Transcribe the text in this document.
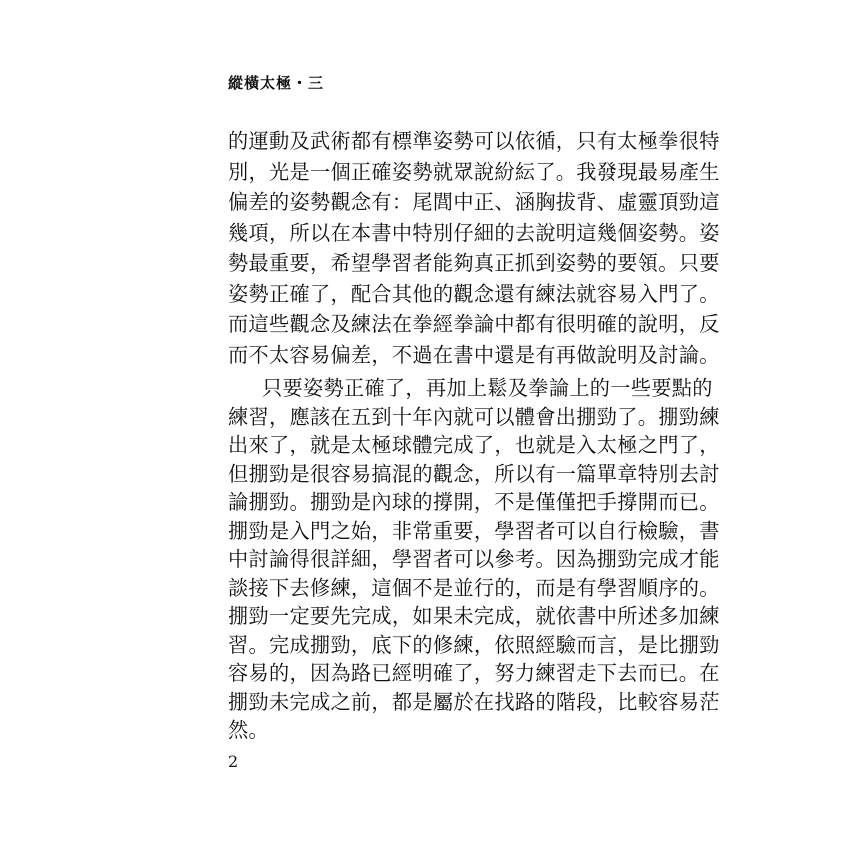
縱橫太極・三
的運動及武術都有標準姿勢可以依循，只有太極拳很特
別，光是一個正確姿勢就眾說紛紜了。我發現最易產生
偏差的姿勢觀念有：尾閭中正、涵胸拔背、虛靈頂勁這
幾項，所以在本書中特別仔細的去說明這幾個姿勢。姿
勢最重要，希望學習者能夠真正抓到姿勢的要領。只要
姿勢正確了，配合其他的觀念還有練法就容易入門了。
而這些觀念及練法在拳經拳論中都有很明確的說明，反
而不太容易偏差，不過在書中還是有再做說明及討論。
只要姿勢正確了，再加上鬆及拳論上的一些要點的
練習，應該在五到十年內就可以體會出掤勁了。掤勁練
出來了，就是太極球體完成了，也就是入太極之門了，
但掤勁是很容易搞混的觀念，所以有一篇單章特別去討
論掤勁。掤勁是內球的撐開，不是僅僅把手撐開而已。
掤勁是入門之始，非常重要，學習者可以自行檢驗，書
中討論得很詳細，學習者可以參考。因為掤勁完成才能
談接下去修練，這個不是並行的，而是有學習順序的。
掤勁一定要先完成，如果未完成，就依書中所述多加練
習。完成掤勁，底下的修練，依照經驗而言，是比掤勁
容易的，因為路已經明確了，努力練習走下去而已。在
掤勁未完成之前，都是屬於在找路的階段，比較容易茫
2
然。
